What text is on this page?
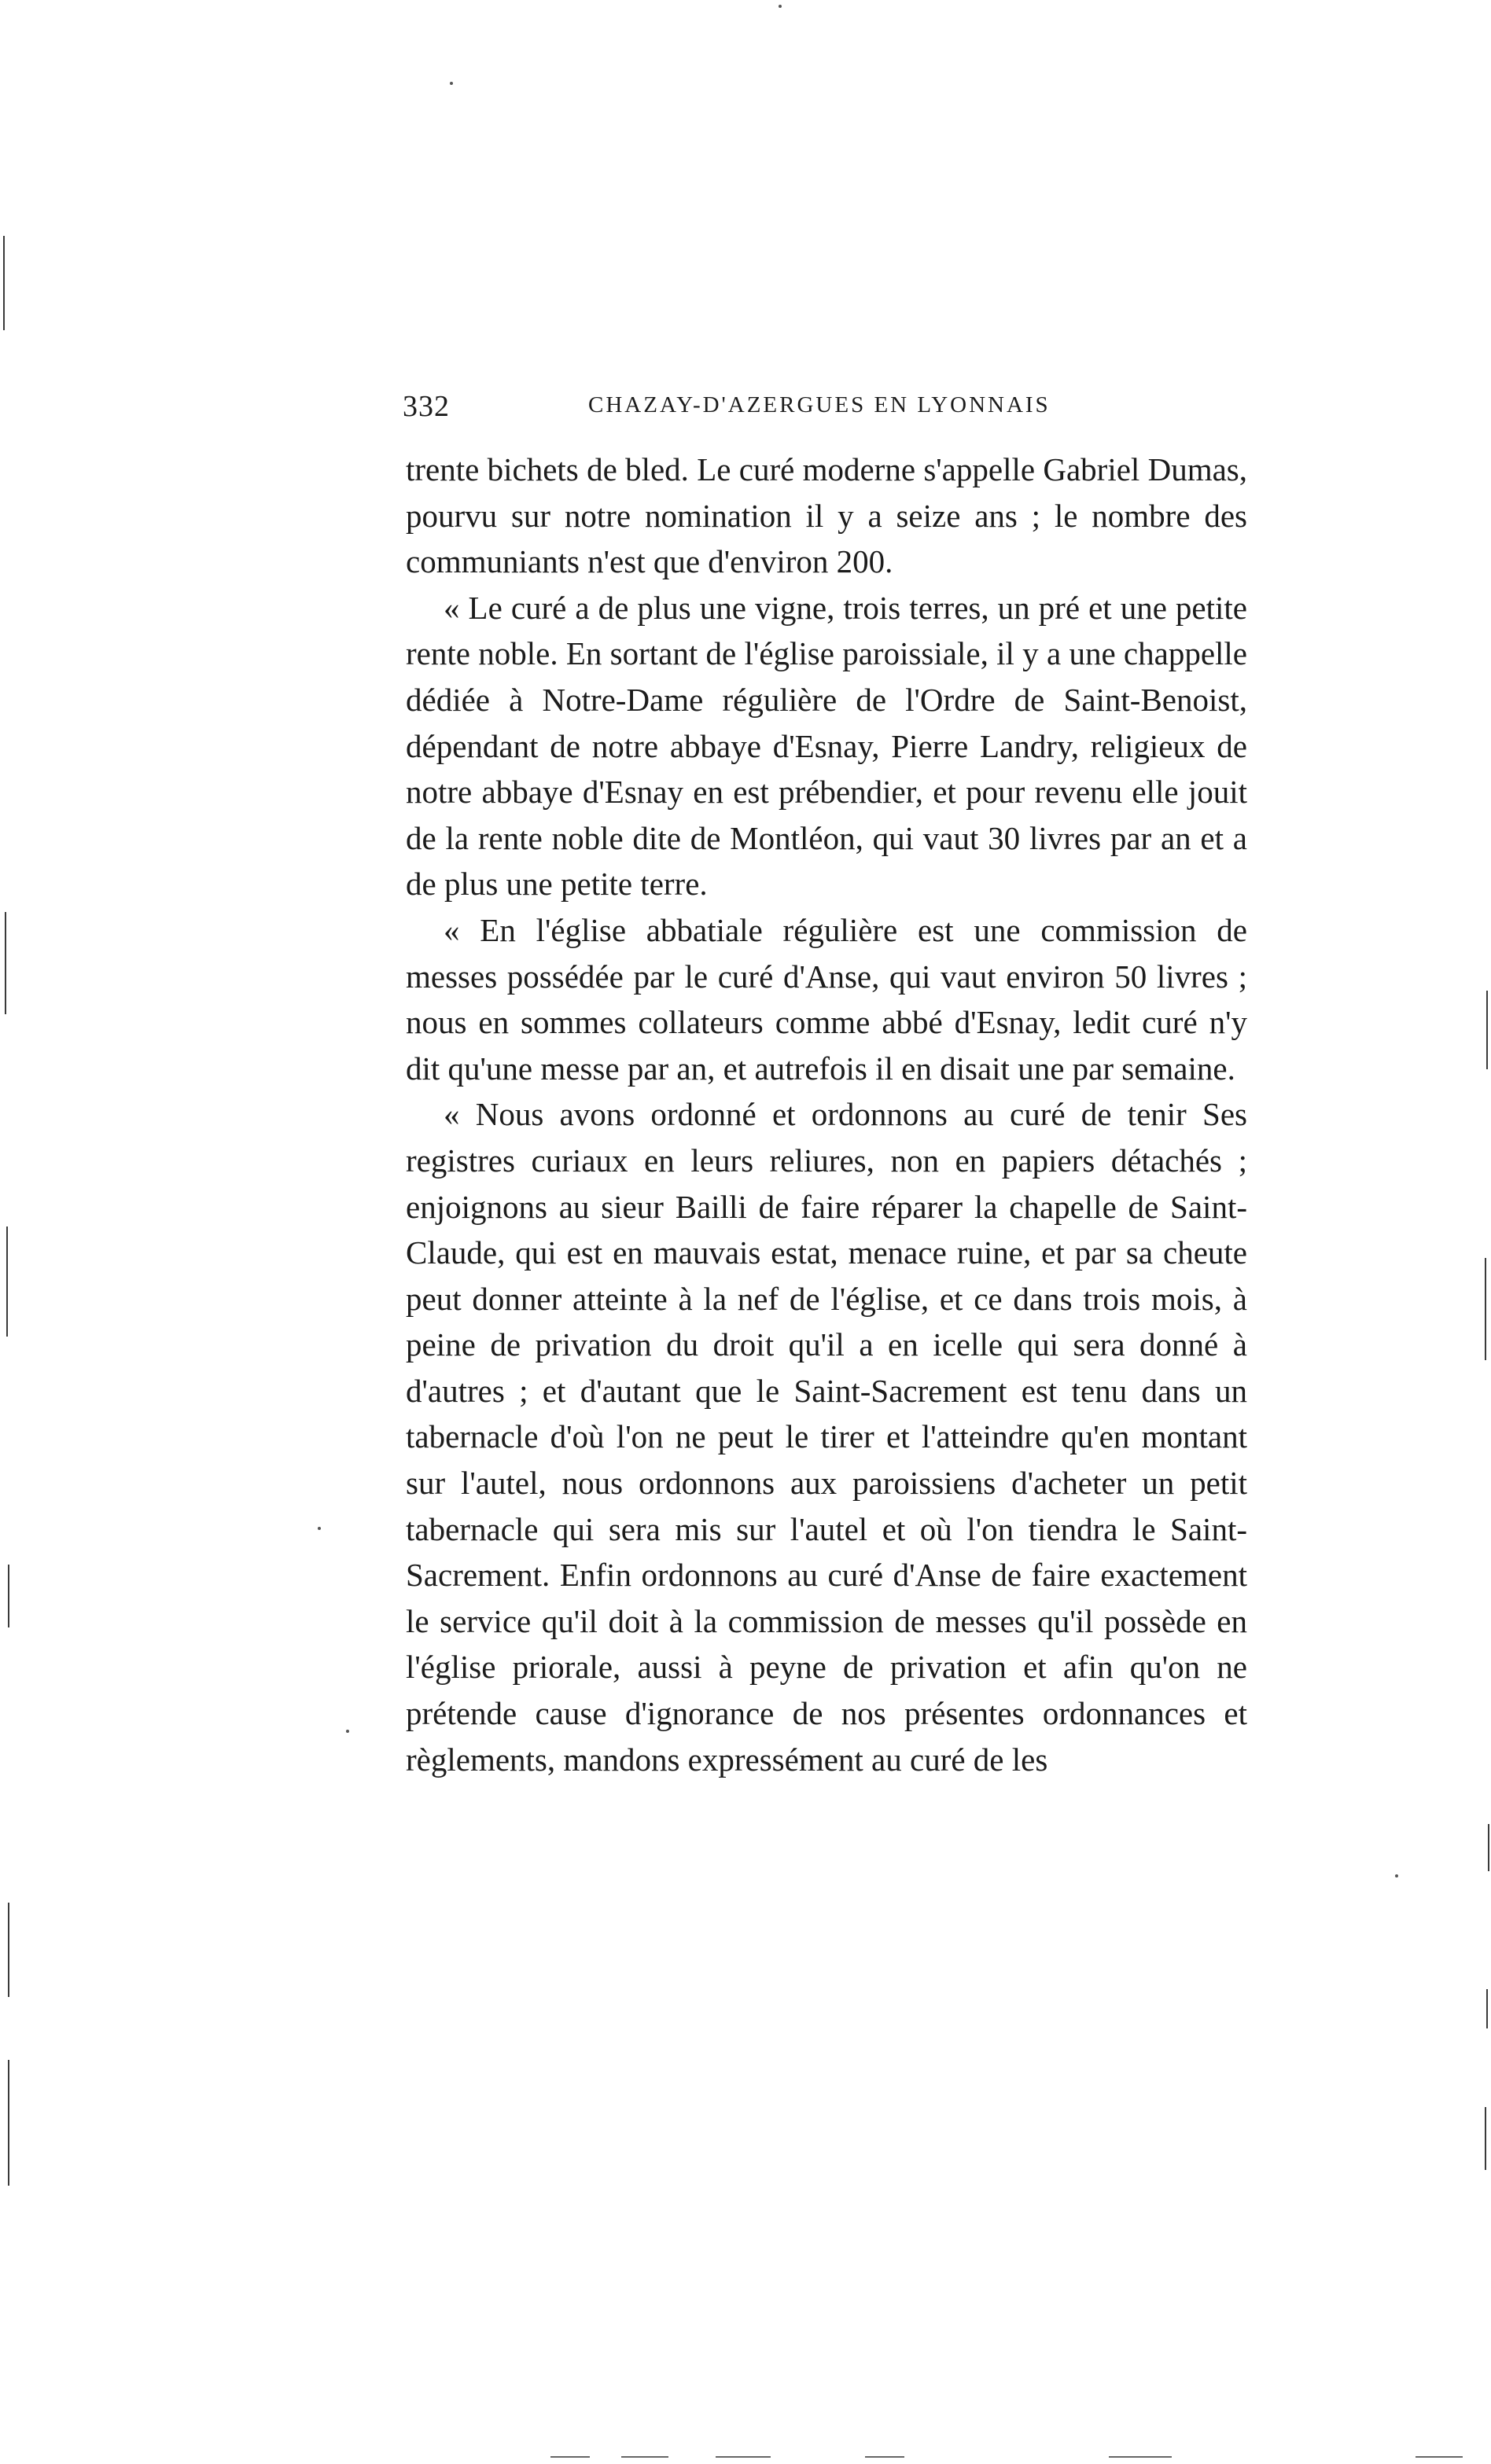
332	CHAZAY-D'AZERGUES EN LYONNAIS

trente bichets de bled. Le curé moderne s'appelle Gabriel Dumas, pourvu sur notre nomination il y a seize ans ; le nombre des communiants n'est que d'environ 200.

« Le curé a de plus une vigne, trois terres, un pré et une petite rente noble. En sortant de l'église paroissiale, il y a une chappelle dédiée à Notre-Dame régulière de l'Ordre de Saint-Benoist, dépendant de notre abbaye d'Esnay, Pierre Landry, religieux de notre abbaye d'Esnay en est prébendier, et pour revenu elle jouit de la rente noble dite de Montléon, qui vaut 30 livres par an et a de plus une petite terre.

« En l'église abbatiale régulière est une commission de messes possédée par le curé d'Anse, qui vaut environ 50 livres ; nous en sommes collateurs comme abbé d'Esnay, ledit curé n'y dit qu'une messe par an, et autrefois il en disait une par semaine.

« Nous avons ordonné et ordonnons au curé de tenir Ses registres curiaux en leurs reliures, non en papiers détachés ; enjoignons au sieur Bailli de faire réparer la chapelle de Saint-Claude, qui est en mauvais estat, menace ruine, et par sa cheute peut donner atteinte à la nef de l'église, et ce dans trois mois, à peine de privation du droit qu'il a en icelle qui sera donné à d'autres ; et d'autant que le Saint-Sacrement est tenu dans un tabernacle d'où l'on ne peut le tirer et l'atteindre qu'en montant sur l'autel, nous ordonnons aux paroissiens d'acheter un petit tabernacle qui sera mis sur l'autel et où l'on tiendra le Saint-Sacrement. Enfin ordonnons au curé d'Anse de faire exactement le service qu'il doit à la commission de messes qu'il possède en l'église priorale, aussi à peyne de privation et afin qu'on ne prétende cause d'ignorance de nos présentes ordonnances et règlements, mandons expressément au curé de les
